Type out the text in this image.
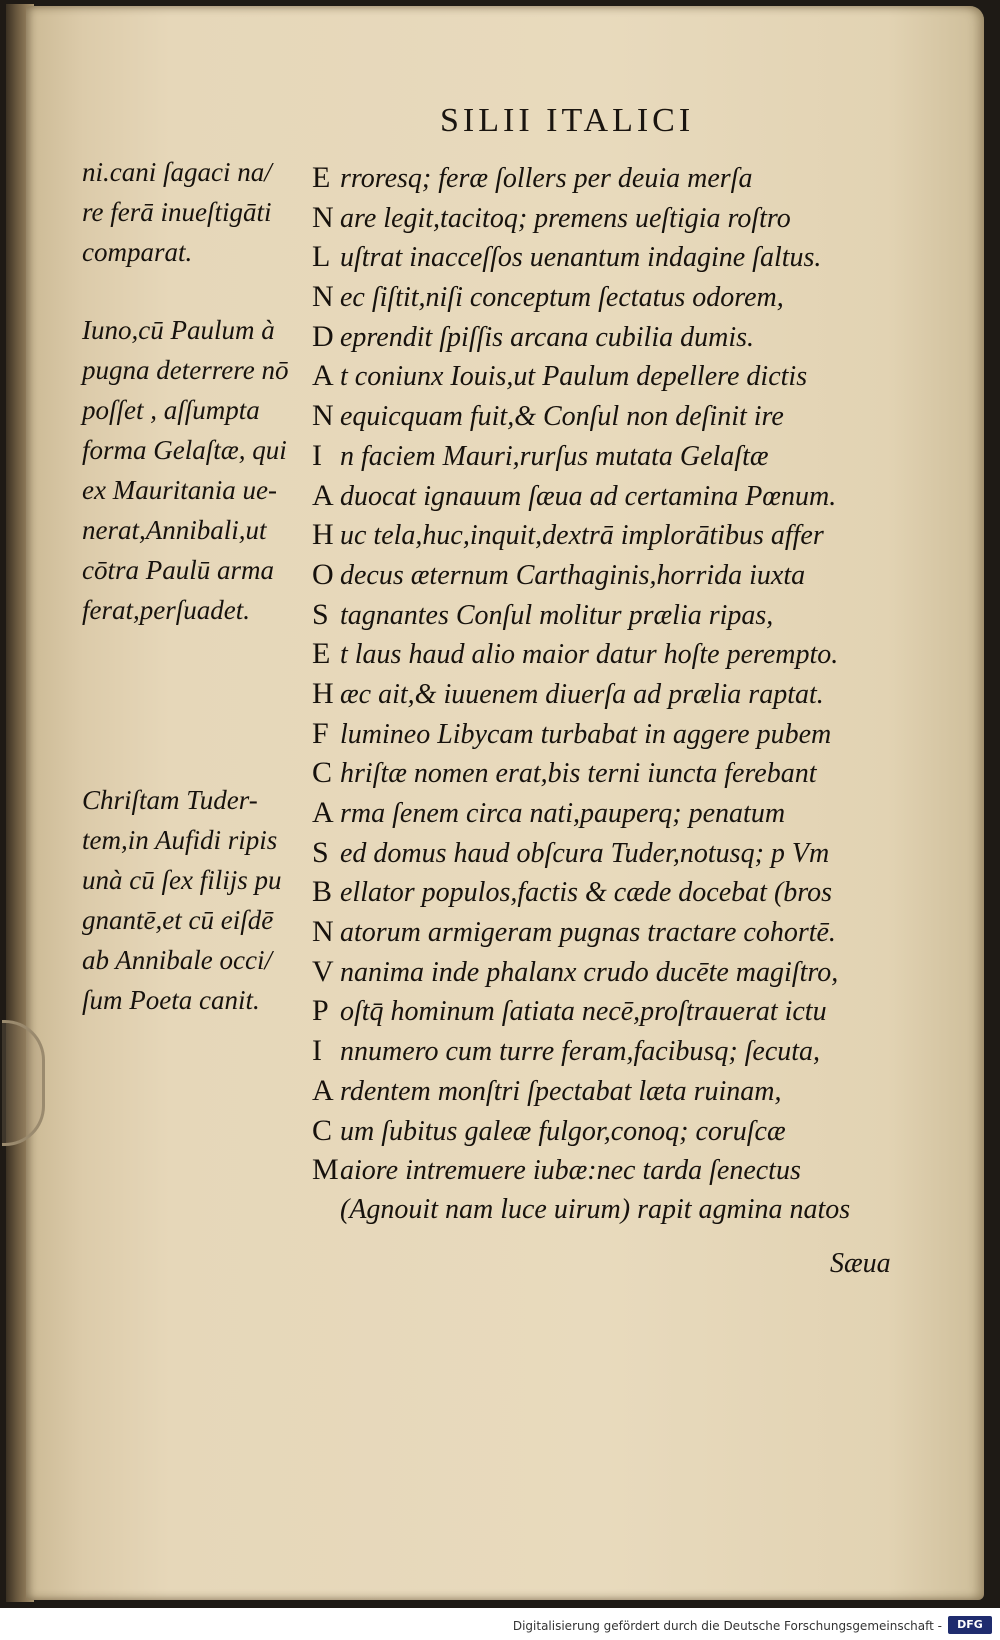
SILII ITALICI
ni.cani ſagaci na/
re ferā inueſtigāti
comparat.
Iuno,cū Paulum à
pugna deterrere nō
poſſet , aſſumpta
forma Gelaſtæ, qui
ex Mauritania ue-
nerat,Annibali,ut
cōtra Paulū arma
ferat,perſuadet.
Chriſtam Tuder-
tem,in Aufidi ripis
unà cū ſex filijs pu
gnantē,et cū eiſdē
ab Annibale occi/
ſum Poeta canit.
E rroresq; feræ ſollers per deuia merſa
N are legit,tacitoq; premens ueſtigia roſtro
L uſtrat inacceſſos uenantum indagine ſaltus.
N ec ſiſtit,niſi conceptum ſectatus odorem,
D eprendit ſpiſſis arcana cubilia dumis.
A t coniunx Iouis,ut Paulum depellere dictis
N equicquam fuit,& Conſul non deſinit ire
I n faciem Mauri,rurſus mutata Gelaſtæ
A duocat ignauum ſæua ad certamina Pœnum.
H uc tela,huc,inquit,dextrā implorātibus affer
O decus æternum Carthaginis,horrida iuxta
S tagnantes Conſul molitur prælia ripas,
E t laus haud alio maior datur hoſte perempto.
H æc ait,& iuuenem diuerſa ad prælia raptat.
F lumineo Libycam turbabat in aggere pubem
C hriſtæ nomen erat,bis terni iuncta ferebant
A rma ſenem circa nati,pauperq; penatum
S ed domus haud obſcura Tuder,notusq; p Vm
B ellator populos,factis & cæde docebat (bros
N atorum armigeram pugnas tractare cohortē.
V nanima inde phalanx crudo ducēte magiſtro,
P oſtq̄ hominum ſatiata necē,proſtrauerat ictu
I nnumero cum turre feram,facibusq; ſecuta,
A rdentem monſtri ſpectabat læta ruinam,
C um ſubitus galeæ fulgor,conoq; coruſcæ
Maiore intremuere iubæ:nec tarda ſenectus
(Agnouit nam luce uirum) rapit agmina natos
Sæua
Digitalisierung gefördert durch die Deutsche Forschungsgemeinschaft -	DFG
